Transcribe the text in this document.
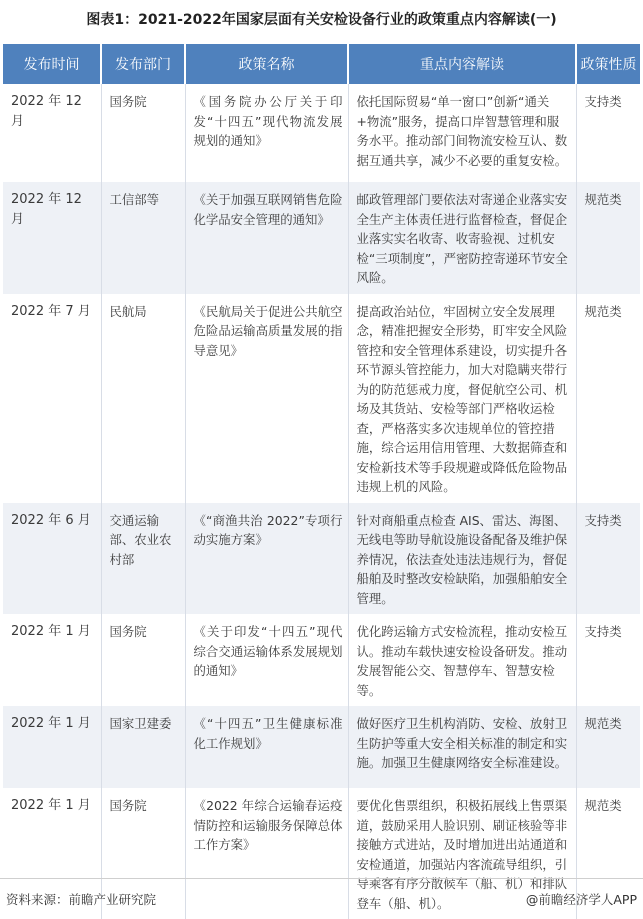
图表1：2021-2022年国家层面有关安检设备行业的政策重点内容解读(一)
发布时间	发布部门	政策名称	重点内容解读	政策性质
2022 年 12 月	国务院	《国务院办公厅关于印发“十四五”现代物流发展规划的通知》	依托国际贸易“单一窗口”创新“通关+物流”服务，提高口岸智慧管理和服务水平。推动部门间物流安检互认、数据互通共享，减少不必要的重复安检。	支持类
2022 年 12 月	工信部等	《关于加强互联网销售危险化学品安全管理的通知》	邮政管理部门要依法对寄递企业落实安全生产主体责任进行监督检查，督促企业落实实名收寄、收寄验视、过机安检“三项制度”，严密防控寄递环节安全风险。	规范类
2022 年 7 月	民航局	《民航局关于促进公共航空危险品运输高质量发展的指导意见》	提高政治站位，牢固树立安全发展理念，精准把握安全形势，盯牢安全风险管控和安全管理体系建设，切实提升各环节源头管控能力，加大对隐瞒夹带行为的防范惩戒力度，督促航空公司、机场及其货站、安检等部门严格收运检查，严格落实多次违规单位的管控措施，综合运用信用管理、大数据筛查和安检新技术等手段规避或降低危险物品违规上机的风险。	规范类
2022 年 6 月	交通运输部、农业农村部	《“商渔共治 2022”专项行动实施方案》	针对商船重点检查 AIS、雷达、海图、无线电等助导航设施设备配备及维护保养情况，依法查处违法违规行为，督促船舶及时整改安检缺陷，加强船舶安全管理。	支持类
2022 年 1 月	国务院	《关于印发“十四五”现代综合交通运输体系发展规划的通知》	优化跨运输方式安检流程，推动安检互认。推动车载快速安检设备研发。推动发展智能公交、智慧停车、智慧安检等。	支持类
2022 年 1 月	国家卫建委	《“十四五”卫生健康标准化工作规划》	做好医疗卫生机构消防、安检、放射卫生防护等重大安全相关标准的制定和实施。加强卫生健康网络安全标准建设。	规范类
2022 年 1 月	国务院	《2022 年综合运输春运疫情防控和运输服务保障总体工作方案》	要优化售票组织，积极拓展线上售票渠道，鼓励采用人脸识别、刷证核验等非接触方式进站，及时增加进出站通道和安检通道，加强站内客流疏导组织，引导乘客有序分散候车（船、机）和排队登车（船、机）。	规范类
资料来源：前瞻产业研究院	@前瞻经济学人APP
